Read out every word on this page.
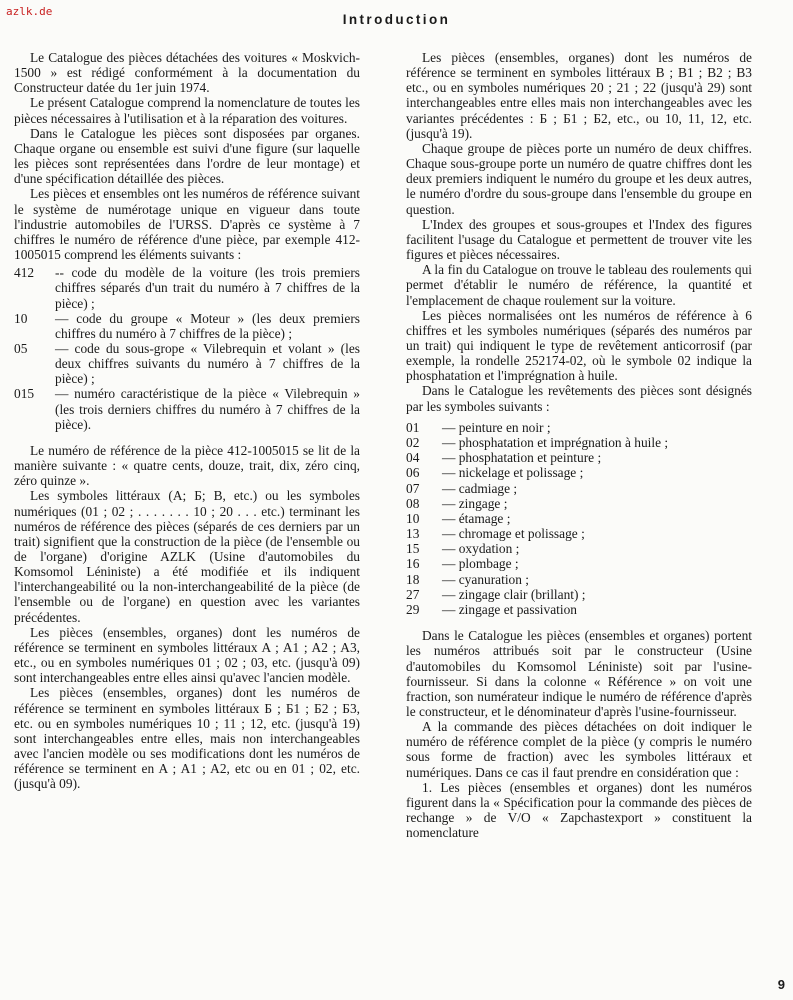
azlk.de
Introduction

Le Catalogue des pièces détachées des voitures « Moskvich-1500 » est rédigé conformément à la documentation du Constructeur datée du 1er juin 1974.

Le présent Catalogue comprend la nomenclature de toutes les pièces nécessaires à l'utilisation et à la réparation des voitures.

Dans le Catalogue les pièces sont disposées par organes. Chaque organe ou ensemble est suivi d'une figure (sur laquelle les pièces sont représentées dans l'ordre de leur montage) et d'une spécification détaillée des pièces.

Les pièces et ensembles ont les numéros de référence suivant le système de numérotage unique en vigueur dans toute l'industrie automobiles de l'URSS. D'après ce système à 7 chiffres le numéro de référence d'une pièce, par exemple 412-1005015 comprend les éléments suivants :

412	-- code du modèle de la voiture (les trois premiers chiffres séparés d'un trait du numéro à 7 chiffres de la pièce) ;
10	— code du groupe « Moteur » (les deux premiers chiffres du numéro à 7 chiffres de la pièce) ;
05	— code du sous-grope « Vilebrequin et volant » (les deux chiffres suivants du numéro à 7 chiffres de la pièce) ;
015	— numéro caractéristique de la pièce « Vilebrequin » (les trois derniers chiffres du numéro à 7 chiffres de la pièce).

Le numéro de référence de la pièce 412-1005015 se lit de la manière suivante : « quatre cents, douze, trait, dix, zéro cinq, zéro quinze ».

Les symboles littéraux (A; Б; B, etc.) ou les symboles numériques (01 ; 02 ; . . . . . . . 10 ; 20 . . . etc.) terminant les numéros de référence des pièces (séparés de ces derniers par un trait) signifient que la construction de la pièce (de l'ensemble ou de l'organe) d'origine AZLK (Usine d'automobiles du Komsomol Léniniste) a été modifiée et ils indiquent l'interchangeabilité ou la non-interchangeabilité de la pièce (de l'ensemble ou de l'organe) en question avec les variantes précédentes.

Les pièces (ensembles, organes) dont les numéros de référence se terminent en symboles littéraux A ; A1 ; A2 ; A3, etc., ou en symboles numériques 01 ; 02 ; 03, etc. (jusqu'à 09) sont interchangeables entre elles ainsi qu'avec l'ancien modèle.

Les pièces (ensembles, organes) dont les numéros de référence se terminent en symboles littéraux Б ; Б1 ; Б2 ; Б3, etc. ou en symboles numériques 10 ; 11 ; 12, etc. (jusqu'à 19) sont interchangeables entre elles, mais non interchangeables avec l'ancien modèle ou ses modifications dont les numéros de référence se terminent en A ; A1 ; A2, etc ou en 01 ; 02, etc. (jusqu'à 09).

Les pièces (ensembles, organes) dont les numéros de référence se terminent en symboles littéraux B ; B1 ; B2 ; B3 etc., ou en symboles numériques 20 ; 21 ; 22 (jusqu'à 29) sont interchangeables entre elles mais non interchangeables avec les variantes précédentes : Б ; Б1 ; Б2, etc., ou 10, 11, 12, etc. (jusqu'à 19).

Chaque groupe de pièces porte un numéro de deux chiffres. Chaque sous-groupe porte un numéro de quatre chiffres dont les deux premiers indiquent le numéro du groupe et les deux autres, le numéro d'ordre du sous-groupe dans l'ensemble du groupe en question.

L'Index des groupes et sous-groupes et l'Index des figures facilitent l'usage du Catalogue et permettent de trouver vite les figures et pièces nécessaires.

A la fin du Catalogue on trouve le tableau des roulements qui permet d'établir le numéro de référence, la quantité et l'emplacement de chaque roulement sur la voiture.

Les pièces normalisées ont les numéros de référence à 6 chiffres et les symboles numériques (séparés des numéros par un trait) qui indiquent le type de revêtement anticorrosif (par exemple, la rondelle 252174-02, où le symbole 02 indique la phosphatation et l'imprégnation à huile.

Dans le Catalogue les revêtements des pièces sont désignés par les symboles suivants :

01	— peinture en noir ;
02	— phosphatation et imprégnation à huile ;
04	— phosphatation et peinture ;
06	— nickelage et polissage ;
07	— cadmiage ;
08	— zingage ;
10	— étamage ;
13	— chromage et polissage ;
15	— oxydation ;
16	— plombage ;
18	— cyanuration ;
27	— zingage clair (brillant) ;
29	— zingage et passivation

Dans le Catalogue les pièces (ensembles et organes) portent les numéros attribués soit par le constructeur (Usine d'automobiles du Komsomol Léniniste) soit par l'usine-fournisseur. Si dans la colonne « Référence » on voit une fraction, son numérateur indique le numéro de référence d'après le constructeur, et le dénominateur d'après l'usine-fournisseur.

A la commande des pièces détachées on doit indiquer le numéro de référence complet de la pièce (y compris le numéro sous forme de fraction) avec les symboles littéraux et numériques. Dans ce cas il faut prendre en considération que :

1. Les pièces (ensembles et organes) dont les numéros figurent dans la « Spécification pour la commande des pièces de rechange » de V/O « Zapchastexport » constituent la nomenclature

9
